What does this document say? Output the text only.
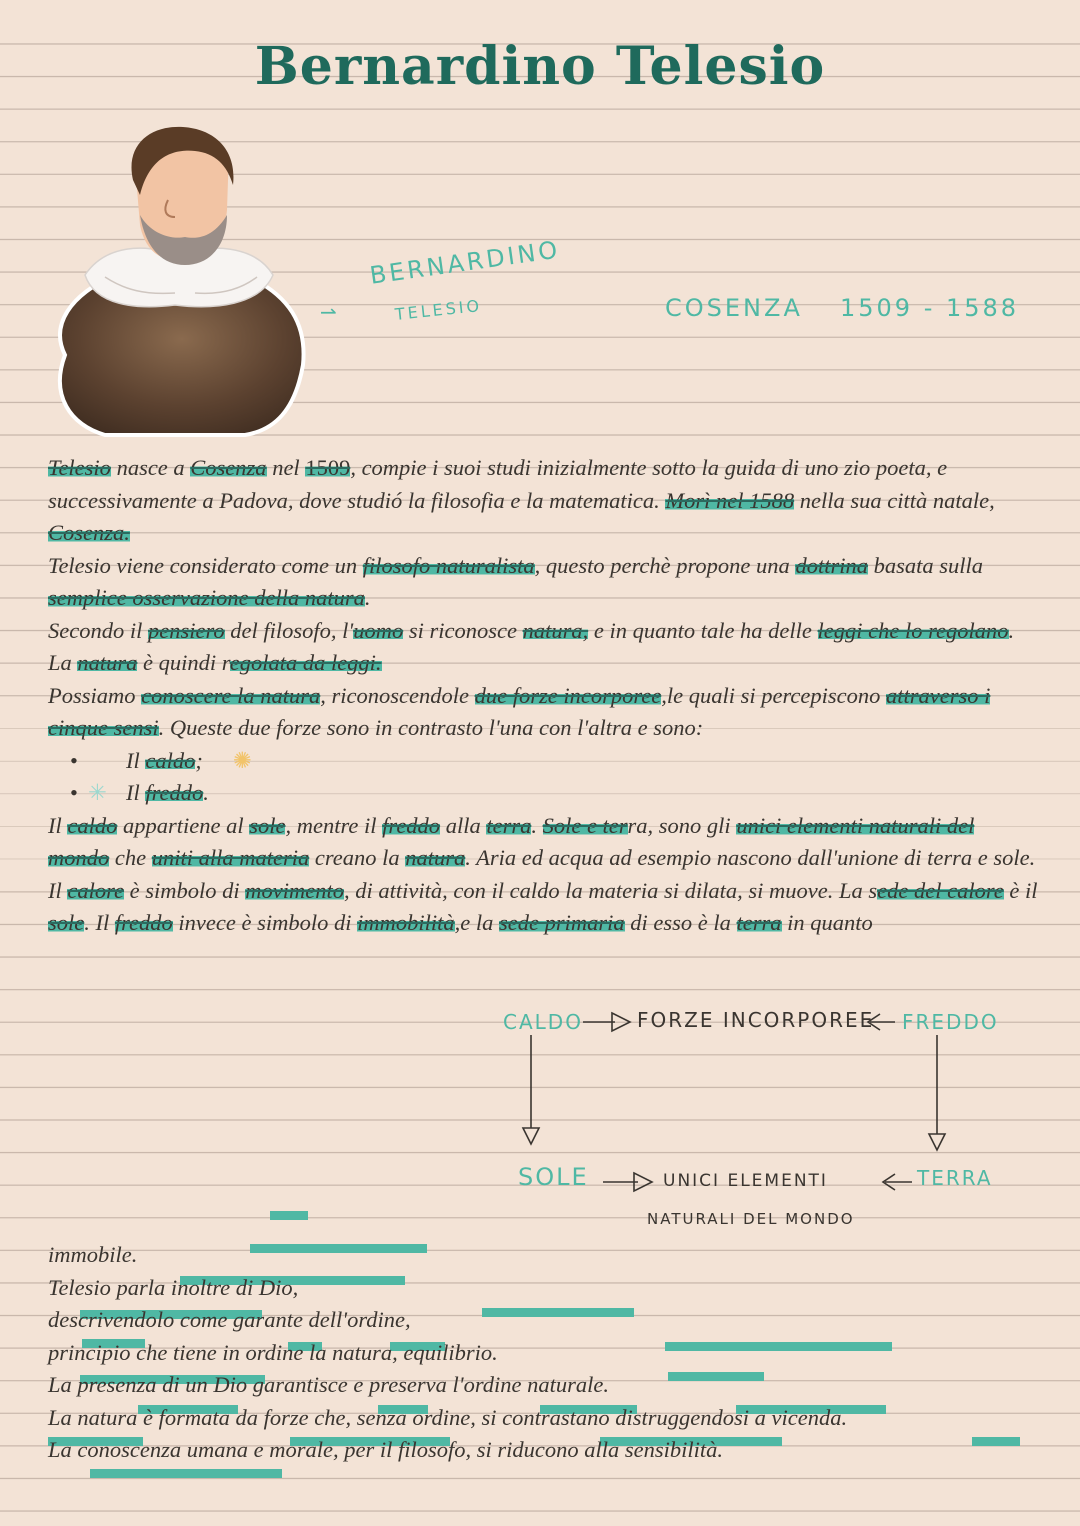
Bernardino Telesio
⇀
BERNARDINO
TELESIO	COSENZA 1509 - 1588

Telesio nasce a Cosenza nel 1509, compie i suoi studi inizialmente sotto la guida di uno zio poeta, e successivamente a Padova, dove studió la filosofia e la matematica. Morì nel 1588 nella sua città natale, Cosenza.

Telesio viene considerato come un filosofo naturalista, questo perchè propone una dottrina basata sulla semplice osservazione della natura.

Secondo il pensiero del filosofo, l'uomo si riconosce natura, e in quanto tale ha delle leggi che lo regolano. La natura è quindi regolata da leggi.

Possiamo conoscere la natura, riconoscendole due forze incorporee,le quali si percepiscono attraverso i cinque sensi. Queste due forze sono in contrasto l'una con l'altra e sono:

• Il caldo; ✺

• ✳ Il freddo.

Il caldo appartiene al sole, mentre il freddo alla terra. Sole e terra, sono gli unici elementi naturali del mondo che uniti alla materia creano la natura. Aria ed acqua ad esempio nascono dall'unione di terra e sole.

Il calore è simbolo di movimento, di attività, con il caldo la materia si dilata, si muove. La sede del calore è il sole. Il freddo invece è simbolo di immobilità,e la sede primaria di esso è la terra in quanto

CALDO	FORZE INCORPOREE FREDDO
SOLE	UNICI ELEMENTI
NATURALI DEL MONDO
TERRA

immobile.

Telesio parla inoltre di Dio,

descrivendolo come garante dell'ordine,

principio che tiene in ordine la natura, equilibrio.

La presenza di un Dio garantisce e preserva l'ordine naturale.

La natura è formata da forze che, senza ordine, si contrastano distruggendosi a vicenda.

La conoscenza umana e morale, per il filosofo, si riducono alla sensibilità.
